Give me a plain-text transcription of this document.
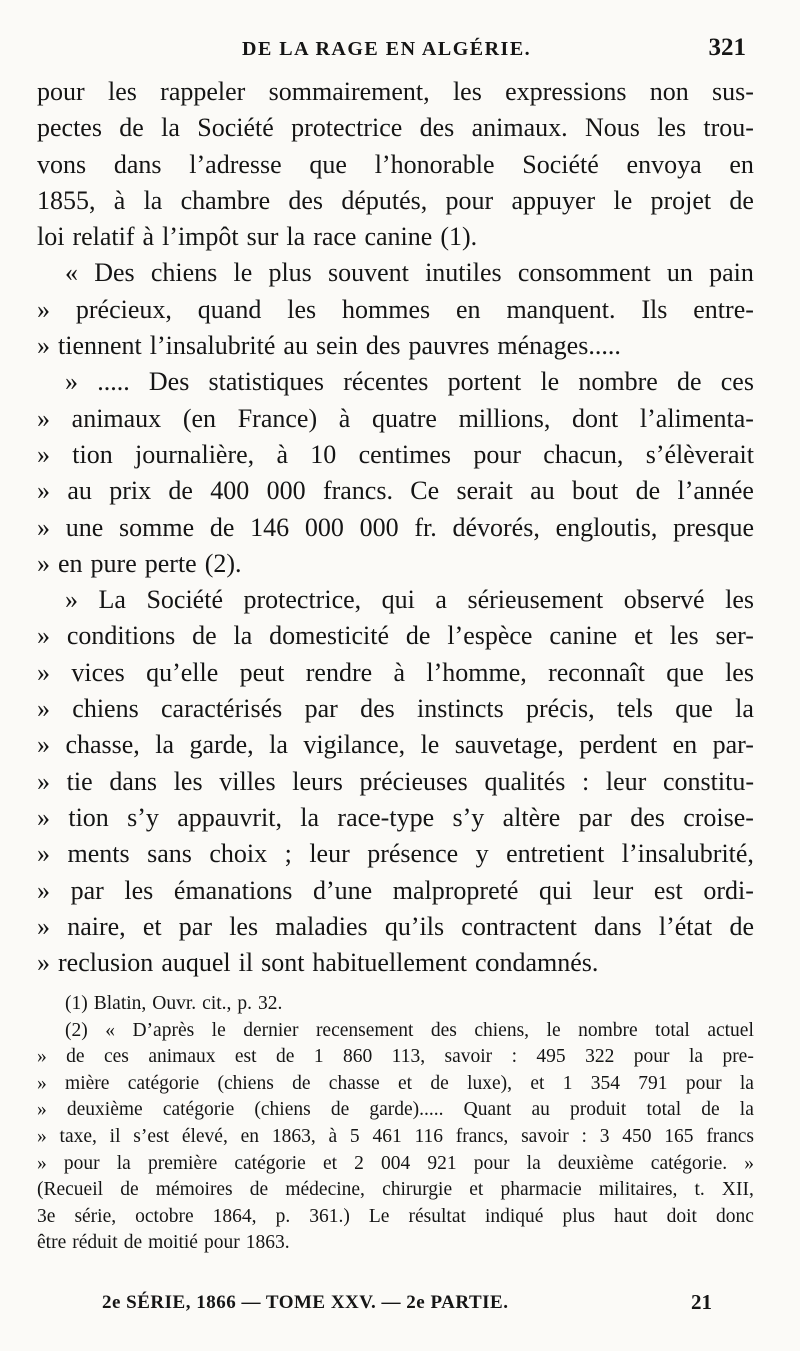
DE LA RAGE EN ALGÉRIE.	321
pour les rappeler sommairement, les expressions non sus-
pectes de la Société protectrice des animaux. Nous les trou-
vons dans l’adresse que l’honorable Société envoya en
1855, à la chambre des députés, pour appuyer le projet de
loi relatif à l’impôt sur la race canine (1).
« Des chiens le plus souvent inutiles consomment un pain
» précieux, quand les hommes en manquent. Ils entre-
» tiennent l’insalubrité au sein des pauvres ménages.....
» ..... Des statistiques récentes portent le nombre de ces
» animaux (en France) à quatre millions, dont l’alimenta-
» tion journalière, à 10 centimes pour chacun, s’élèverait
» au prix de 400 000 francs. Ce serait au bout de l’année
» une somme de 146 000 000 fr. dévorés, engloutis, presque
» en pure perte (2).
» La Société protectrice, qui a sérieusement observé les
» conditions de la domesticité de l’espèce canine et les ser-
» vices qu’elle peut rendre à l’homme, reconnaît que les
» chiens caractérisés par des instincts précis, tels que la
» chasse, la garde, la vigilance, le sauvetage, perdent en par-
» tie dans les villes leurs précieuses qualités : leur constitu-
» tion s’y appauvrit, la race-type s’y altère par des croise-
» ments sans choix ; leur présence y entretient l’insalubrité,
» par les émanations d’une malpropreté qui leur est ordi-
» naire, et par les maladies qu’ils contractent dans l’état de
» reclusion auquel il sont habituellement condamnés.
(1) Blatin, Ouvr. cit., p. 32.
(2) « D’après le dernier recensement des chiens, le nombre total actuel
» de ces animaux est de 1 860 113, savoir : 495 322 pour la pre-
» mière catégorie (chiens de chasse et de luxe), et 1 354 791 pour la
» deuxième catégorie (chiens de garde)..... Quant au produit total de la
» taxe, il s’est élevé, en 1863, à 5 461 116 francs, savoir : 3 450 165 francs
» pour la première catégorie et 2 004 921 pour la deuxième catégorie. »
(Recueil de mémoires de médecine, chirurgie et pharmacie militaires, t. XII,
3e série, octobre 1864, p. 361.) Le résultat indiqué plus haut doit donc
être réduit de moitié pour 1863.
2e SÉRIE, 1866 — TOME XXV. — 2e PARTIE.	21
